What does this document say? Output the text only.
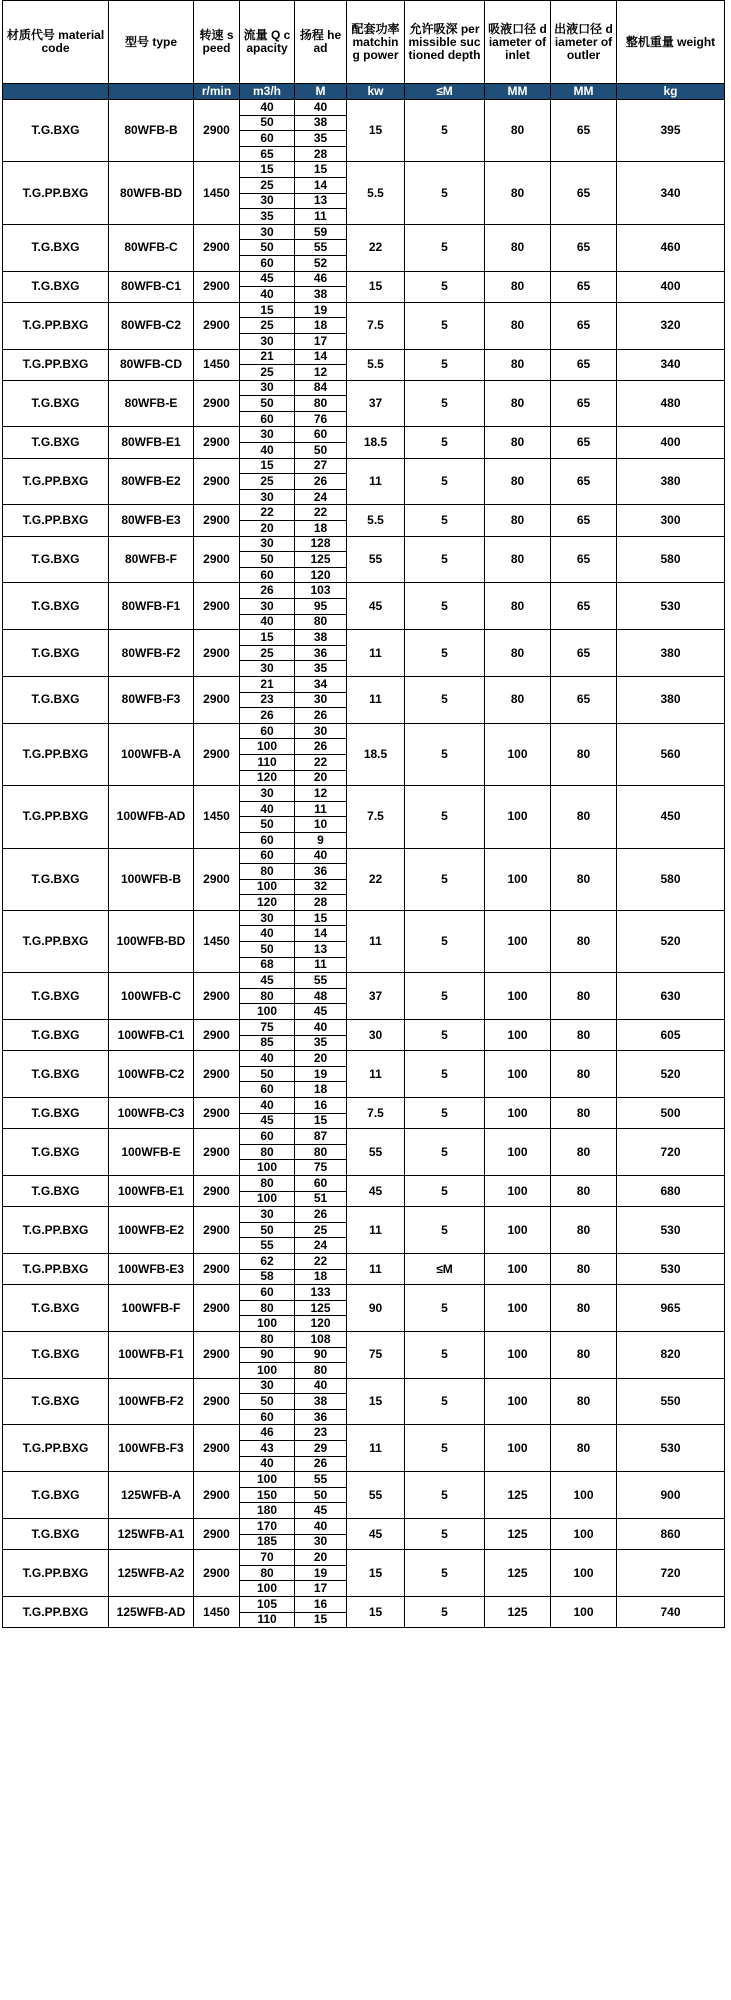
材质代号 material code	型号 type	转速 speed	流量 Q capacity	扬程 head	配套功率 matching power	允许吸深 permissible suctioned depth	吸液口径 diameter of inlet	出液口径 diameter of outler	整机重量 weight
		r/min	m3/h	M	kw	≤M	MM	MM	kg
T.G.BXG	80WFB-B	2900	40	40	15	5	80	65	395
			50	38					
			60	35					
			65	28					
T.G.PP.BXG	80WFB-BD	1450	15	15	5.5	5	80	65	340
			25	14					
			30	13					
			35	11					
T.G.BXG	80WFB-C	2900	30	59	22	5	80	65	460
			50	55					
			60	52					
T.G.BXG	80WFB-C1	2900	45	46	15	5	80	65	400
			40	38					
T.G.PP.BXG	80WFB-C2	2900	15	19	7.5	5	80	65	320
			25	18					
			30	17					
T.G.PP.BXG	80WFB-CD	1450	21	14	5.5	5	80	65	340
			25	12					
T.G.BXG	80WFB-E	2900	30	84	37	5	80	65	480
			50	80					
			60	76					
T.G.BXG	80WFB-E1	2900	30	60	18.5	5	80	65	400
			40	50					
T.G.PP.BXG	80WFB-E2	2900	15	27	11	5	80	65	380
			25	26					
			30	24					
T.G.PP.BXG	80WFB-E3	2900	22	22	5.5	5	80	65	300
			20	18					
T.G.BXG	80WFB-F	2900	30	128	55	5	80	65	580
			50	125					
			60	120					
T.G.BXG	80WFB-F1	2900	26	103	45	5	80	65	530
			30	95					
			40	80					
T.G.BXG	80WFB-F2	2900	15	38	11	5	80	65	380
			25	36					
			30	35					
T.G.BXG	80WFB-F3	2900	21	34	11	5	80	65	380
			23	30					
			26	26					
T.G.PP.BXG	100WFB-A	2900	60	30	18.5	5	100	80	560
			100	26					
			110	22					
			120	20					
T.G.PP.BXG	100WFB-AD	1450	30	12	7.5	5	100	80	450
			40	11					
			50	10					
			60	9					
T.G.BXG	100WFB-B	2900	60	40	22	5	100	80	580
			80	36					
			100	32					
			120	28					
T.G.PP.BXG	100WFB-BD	1450	30	15	11	5	100	80	520
			40	14					
			50	13					
			68	11					
T.G.BXG	100WFB-C	2900	45	55	37	5	100	80	630
			80	48					
			100	45					
T.G.BXG	100WFB-C1	2900	75	40	30	5	100	80	605
			85	35					
T.G.BXG	100WFB-C2	2900	40	20	11	5	100	80	520
			50	19					
			60	18					
T.G.BXG	100WFB-C3	2900	40	16	7.5	5	100	80	500
			45	15					
T.G.BXG	100WFB-E	2900	60	87	55	5	100	80	720
			80	80					
			100	75					
T.G.BXG	100WFB-E1	2900	80	60	45	5	100	80	680
			100	51					
T.G.PP.BXG	100WFB-E2	2900	30	26	11	5	100	80	530
			50	25					
			55	24					
T.G.PP.BXG	100WFB-E3	2900	62	22	11	≤M	100	80	530
			58	18					
T.G.BXG	100WFB-F	2900	60	133	90	5	100	80	965
			80	125					
			100	120					
T.G.BXG	100WFB-F1	2900	80	108	75	5	100	80	820
			90	90					
			100	80					
T.G.BXG	100WFB-F2	2900	30	40	15	5	100	80	550
			50	38					
			60	36					
T.G.PP.BXG	100WFB-F3	2900	46	23	11	5	100	80	530
			43	29					
			40	26					
T.G.BXG	125WFB-A	2900	100	55	55	5	125	100	900
			150	50					
			180	45					
T.G.BXG	125WFB-A1	2900	170	40	45	5	125	100	860
			185	30					
T.G.PP.BXG	125WFB-A2	2900	70	20	15	5	125	100	720
			80	19					
			100	17					
T.G.PP.BXG	125WFB-AD	1450	105	16	15	5	125	100	740
			110	15					
